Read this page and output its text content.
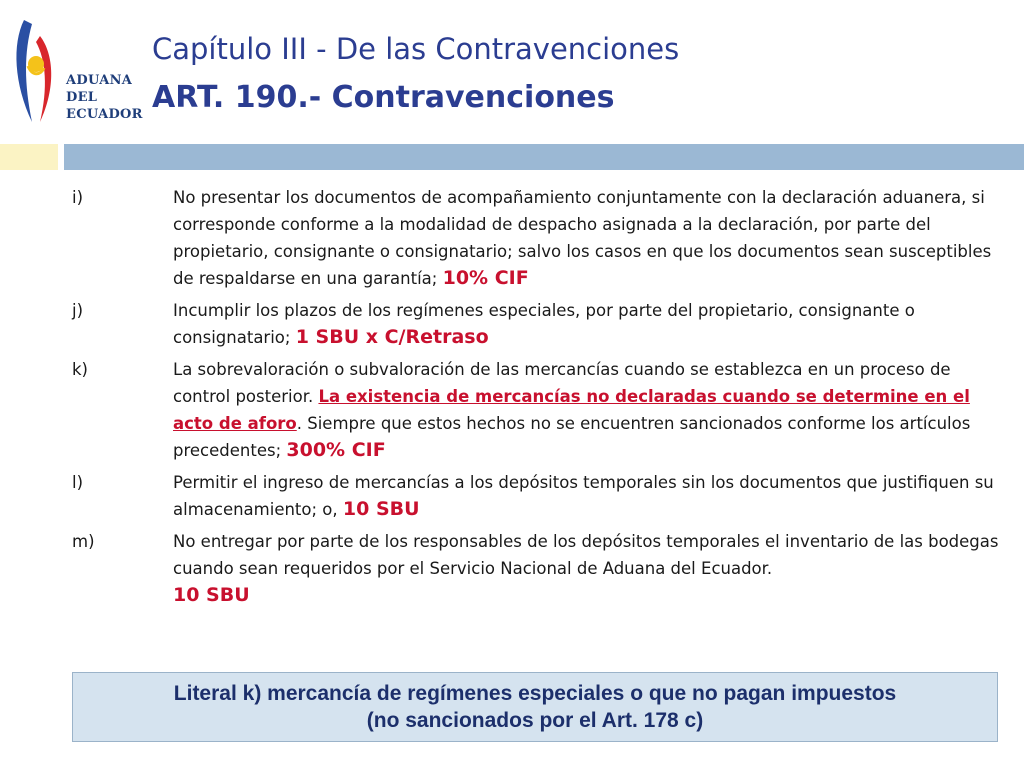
ADUANA
DEL
ECUADOR
Capítulo III - De las Contravenciones
ART. 190.- Contravenciones
i)	No presentar los documentos de acompañamiento conjuntamente con la declaración aduanera, si corresponde conforme a la modalidad de despacho asignada a la declaración, por parte del propietario, consignante o consignatario; salvo los casos en que los documentos sean susceptibles de respaldarse en una garantía; 10% CIF
j)	Incumplir los plazos de los regímenes especiales, por parte del propietario, consignante o consignatario; 1 SBU x C/Retraso
k)	La sobrevaloración o subvaloración de las mercancías cuando se establezca en un proceso de control posterior. La existencia de mercancías no declaradas cuando se determine en el acto de aforo. Siempre que estos hechos no se encuentren sancionados conforme los artículos precedentes; 300% CIF
l)	Permitir el ingreso de mercancías a los depósitos temporales sin los documentos que justifiquen su almacenamiento; o, 10 SBU
m)	No entregar por parte de los responsables de los depósitos temporales el inventario de las bodegas cuando sean requeridos por el Servicio Nacional de Aduana del Ecuador.
10 SBU
Literal k) mercancía de regímenes especiales o que no pagan impuestos
(no sancionados por el Art. 178 c)
